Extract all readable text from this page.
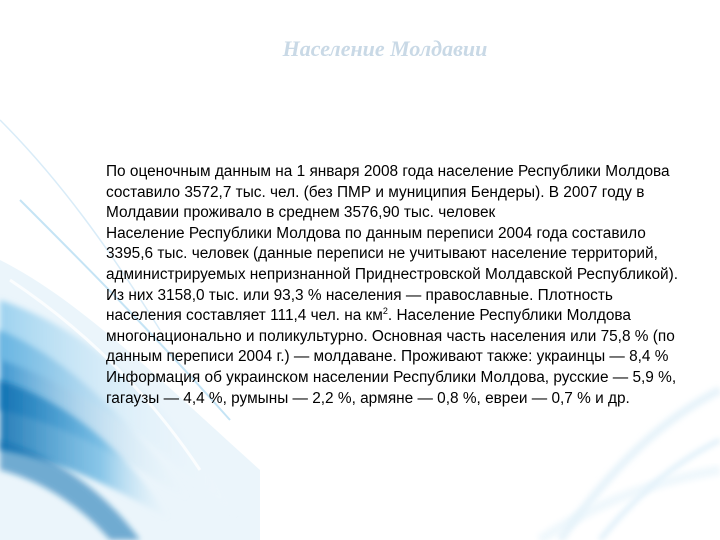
Население Молдавии

По оценочным данным на 1 января 2008 года население Республики Молдова составило 3572,7 тыс. чел. (без ПМР и муниципия Бендеры). В 2007 году в Молдавии проживало в среднем 3576,90 тыс. человек

Население Республики Молдова по данным переписи 2004 года составило 3395,6 тыс. человек (данные переписи не учитывают население территорий, администрируемых непризнанной Приднестровской Молдавской Республикой). Из них 3158,0 тыс. или 93,3 % населения — православные. Плотность населения составляет 111,4 чел. на $км^2$. Население Республики Молдова многонационально и поликультурно. Основная часть населения или 75,8 % (по данным переписи 2004 г.) — молдаване. Проживают также: украинцы — 8,4 % Информация об украинском населении Республики Молдова, русские — 5,9 %, гагаузы — 4,4 %, румыны — 2,2 %, армяне — 0,8 %, евреи — 0,7 % и др.
